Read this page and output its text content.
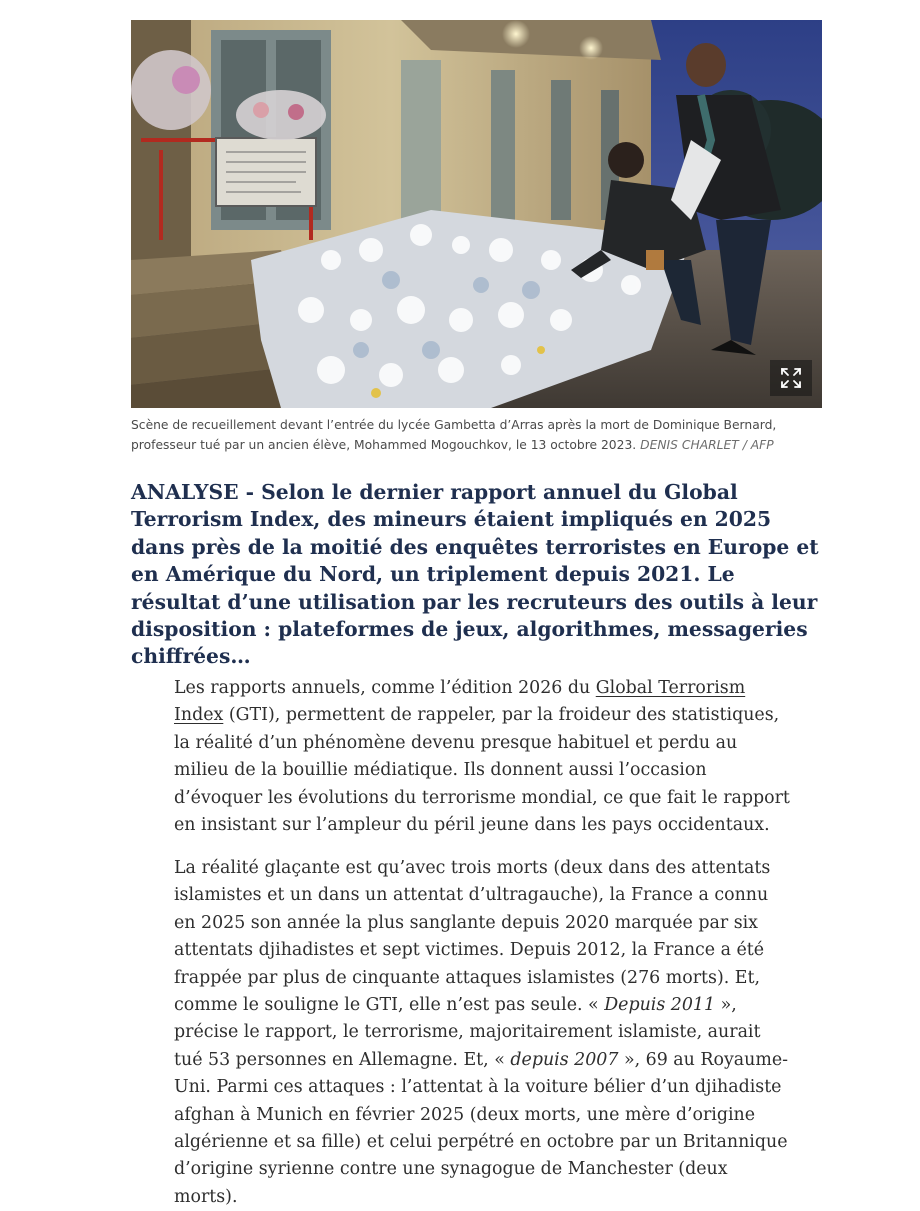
Scène de recueillement devant l’entrée du lycée Gambetta d’Arras après la mort de Dominique Bernard, professeur tué par un ancien élève, Mohammed Mogouchkov, le 13 octobre 2023. DENIS CHARLET / AFP

ANALYSE - Selon le dernier rapport annuel du Global Terrorism Index, des mineurs étaient impliqués en 2025 dans près de la moitié des enquêtes terroristes en Europe et en Amérique du Nord, un triplement depuis 2021. Le résultat d’une utilisation par les recruteurs des outils à leur disposition : plateformes de jeux, algorithmes, messageries chiffrées…

Les rapports annuels, comme l’édition 2026 du Global Terrorism Index (GTI), permettent de rappeler, par la froideur des statistiques, la réalité d’un phénomène devenu presque habituel et perdu au milieu de la bouillie médiatique. Ils donnent aussi l’occasion d’évoquer les évolutions du terrorisme mondial, ce que fait le rapport en insistant sur l’ampleur du péril jeune dans les pays occidentaux.

La réalité glaçante est qu’avec trois morts (deux dans des attentats islamistes et un dans un attentat d’ultragauche), la France a connu en 2025 son année la plus sanglante depuis 2020 marquée par six attentats djihadistes et sept victimes. Depuis 2012, la France a été frappée par plus de cinquante attaques islamistes (276 morts). Et, comme le souligne le GTI, elle n’est pas seule. « Depuis 2011 », précise le rapport, le terrorisme, majoritairement islamiste, aurait tué 53 personnes en Allemagne. Et, « depuis 2007 », 69 au Royaume-Uni. Parmi ces attaques : l’attentat à la voiture bélier d’un djihadiste afghan à Munich en février 2025 (deux morts, une mère d’origine algérienne et sa fille) et celui perpétré en octobre par un Britannique d’origine syrienne contre une synagogue de Manchester (deux morts).
